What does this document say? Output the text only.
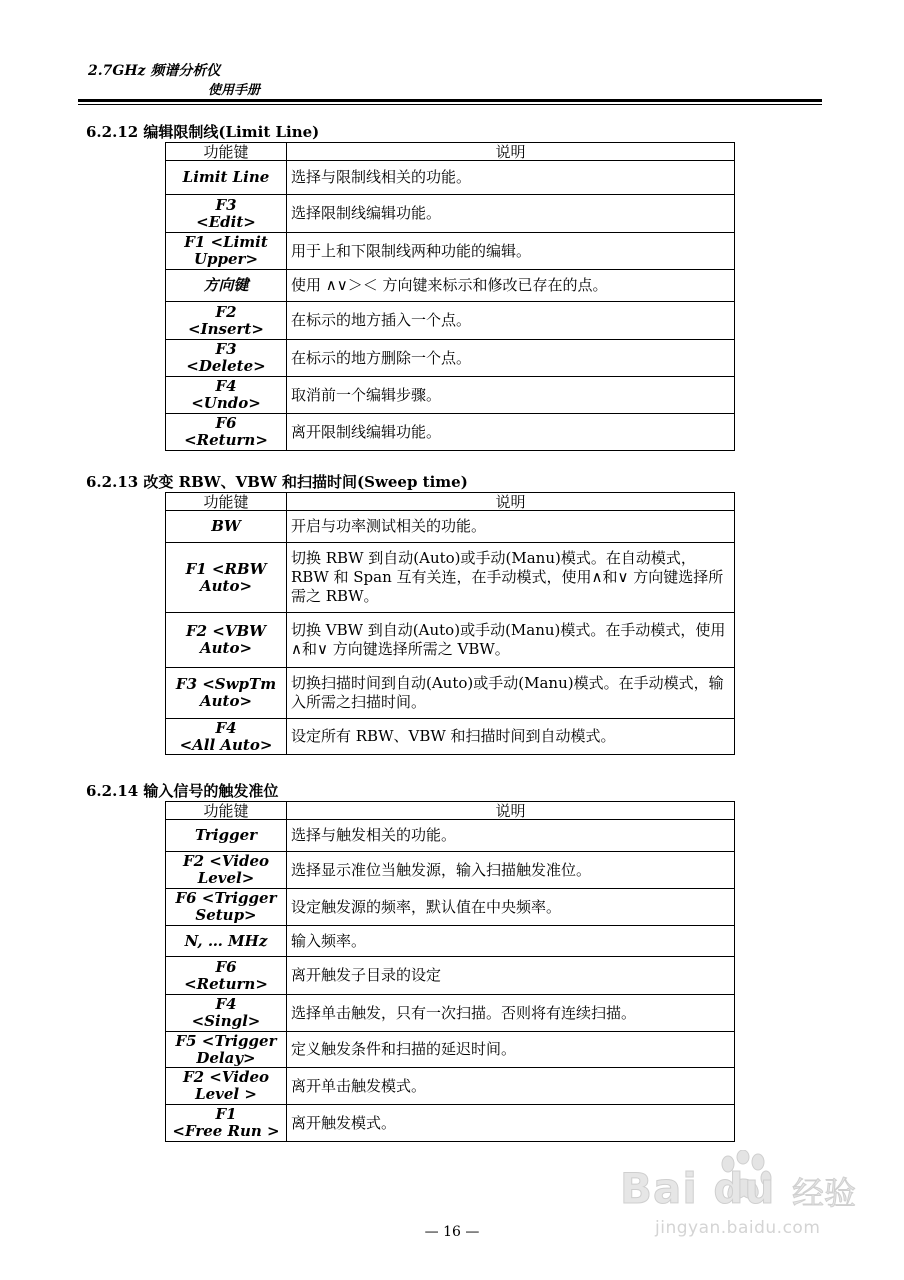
2.7GHz 频谱分析仪
使用手册
6.2.12 编辑限制线(Limit Line)
功能键	说明
Limit Line	选择与限制线相关的功能。
F3
<Edit>	选择限制线编辑功能。
F1 <Limit
Upper>	用于上和下限制线两种功能的编辑。
方向键	使用 ∧∨＞＜ 方向键来标示和修改已存在的点。
F2
<Insert>	在标示的地方插入一个点。
F3
<Delete>	在标示的地方删除一个点。
F4
<Undo>	取消前一个编辑步骤。
F6
<Return>	离开限制线编辑功能。
6.2.13 改变 RBW、VBW 和扫描时间(Sweep time)
功能键	说明
BW	开启与功率测试相关的功能。
F1 <RBW
Auto>	切换 RBW 到自动(Auto)或手动(Manu)模式。在自动模式，RBW 和 Span 互有关连，在手动模式，使用∧和∨ 方向键选择所需之 RBW。
F2 <VBW
Auto>	切换 VBW 到自动(Auto)或手动(Manu)模式。在手动模式，使用∧和∨ 方向键选择所需之 VBW。
F3 <SwpTm
Auto>	切换扫描时间到自动(Auto)或手动(Manu)模式。在手动模式，输入所需之扫描时间。
F4
<All Auto>	设定所有 RBW、VBW 和扫描时间到自动模式。
6.2.14 输入信号的触发准位
功能键	说明
Trigger	选择与触发相关的功能。
F2 <Video
Level>	选择显示准位当触发源，输入扫描触发准位。
F6 <Trigger
Setup>	设定触发源的频率，默认值在中央频率。
N, … MHz	输入频率。
F6
<Return>	离开触发子目录的设定
F4
<Singl>	选择单击触发，只有一次扫描。否则将有连续扫描。
F5 <Trigger
Delay>	定义触发条件和扫描的延迟时间。
F2 <Video
Level >	离开单击触发模式。
F1
<Free Run >	离开触发模式。
Bai du 经验
jingyan.baidu.com
— 16 —
